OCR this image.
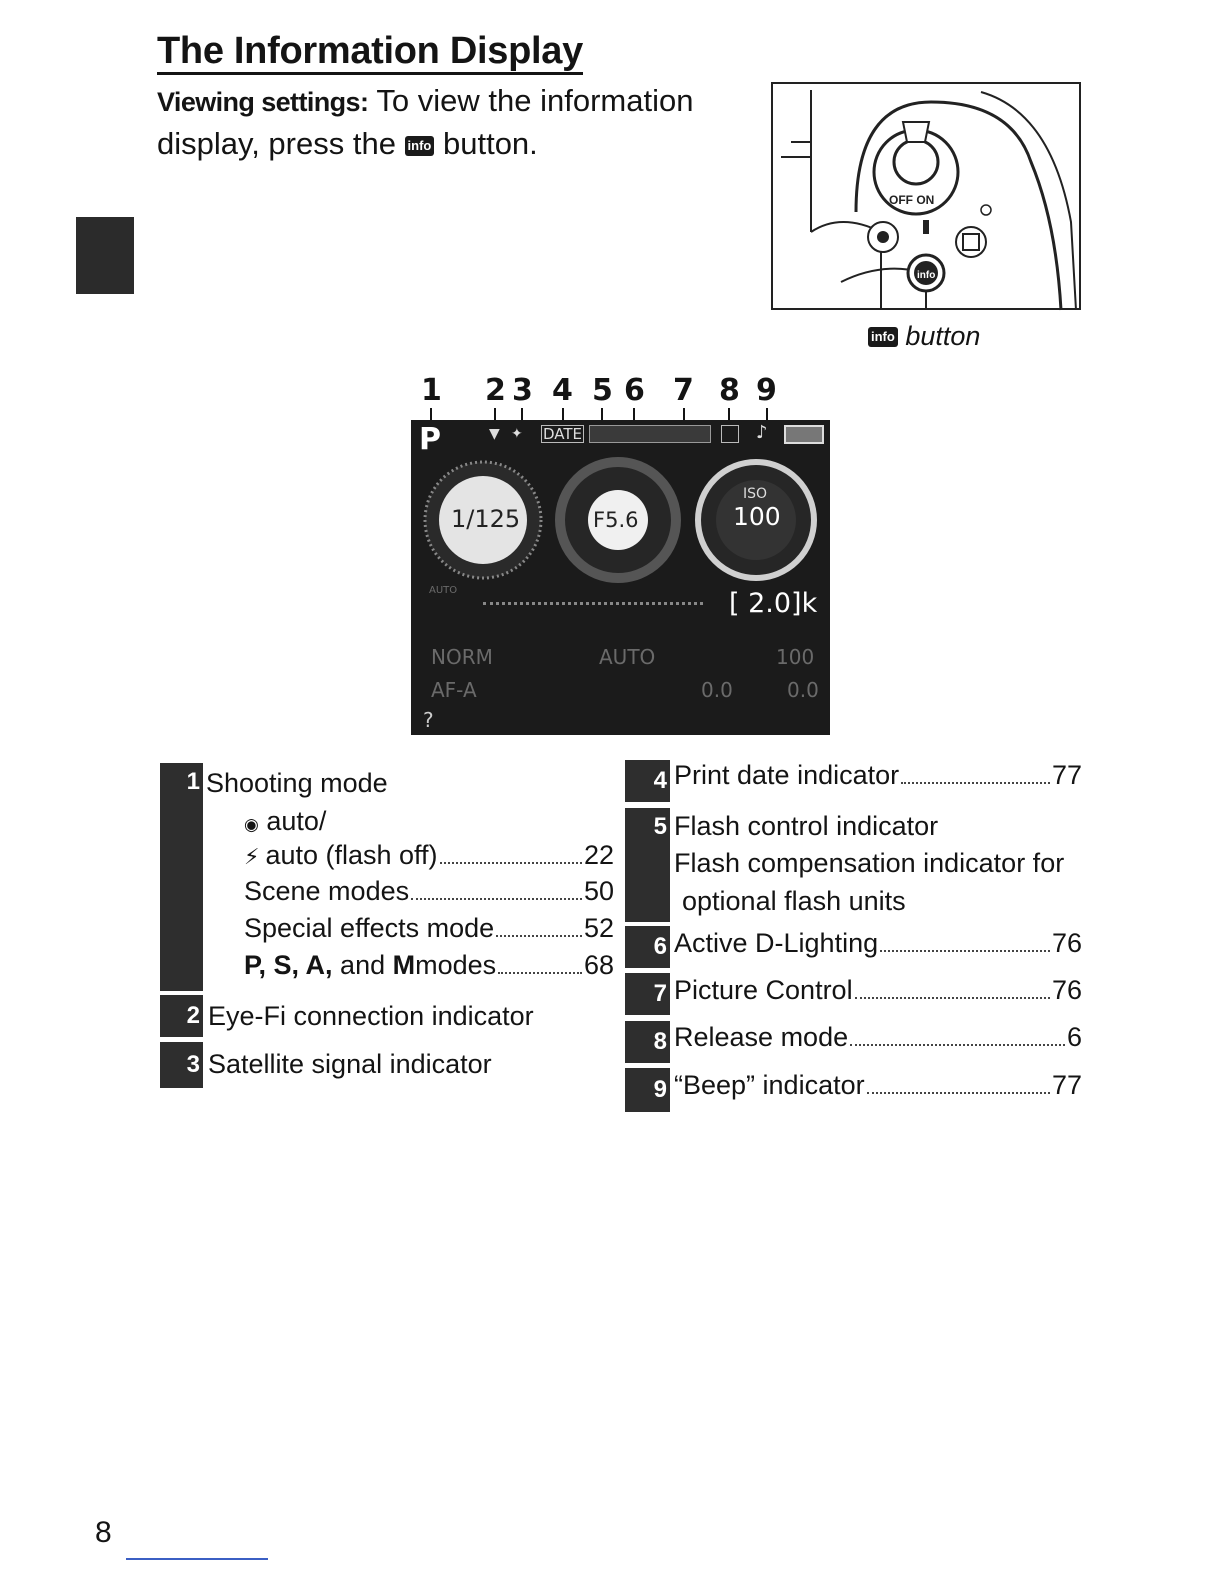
The Information Display
Viewing settings: To view the information display, press the info button.
OFF ON
info
info button
1 2 3 4 5 6 7 8 9
P	▼ ✦ DATE	♪
1/125	F5.6
ISO
100
AUTO	[ 2.0]k
NORM	AUTO	100
AF-A	0.0	0.0
?
1 Shooting mode
◉ auto/
⚡ auto (flash off)	22
Scene modes	50
Special effects mode	52
P, S, A, and M modes	68
2 Eye-Fi connection indicator
3 Satellite signal indicator
4 Print date indicator	77
5 Flash control indicator
Flash compensation indicator for
optional flash units
6 Active D-Lighting	76
7 Picture Control	76
8 Release mode	6
9 “Beep” indicator	77
8
